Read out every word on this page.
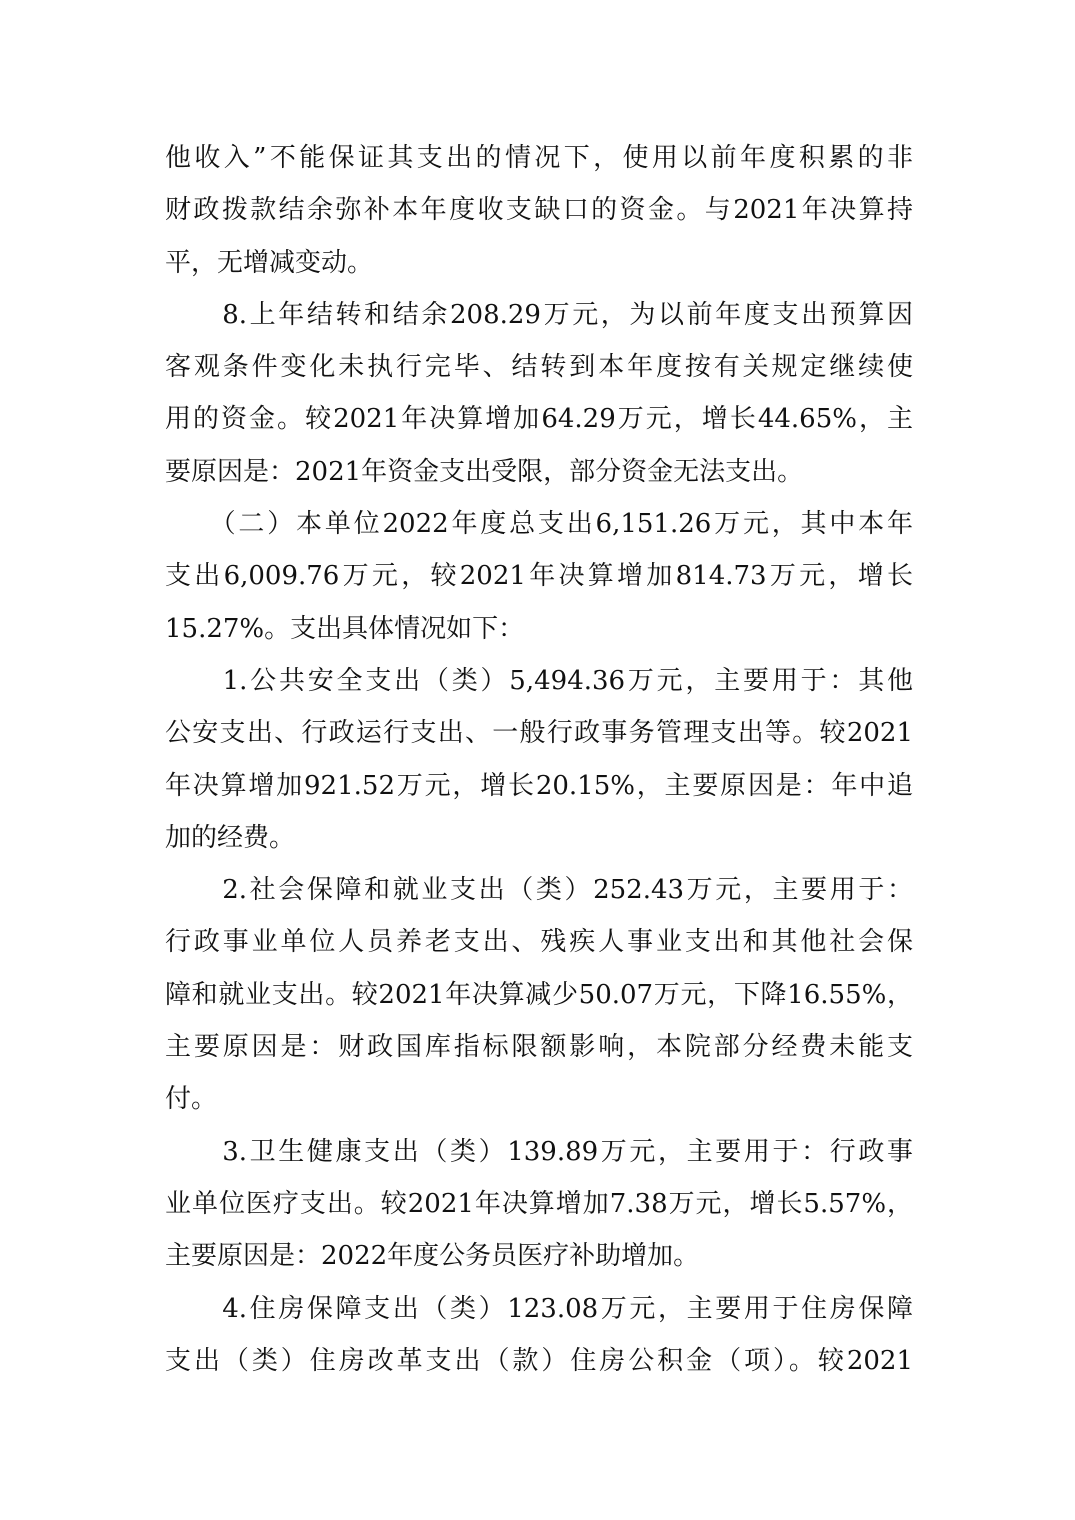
他收入”不能保证其支出的情况下，使用以前年度积累的非
财政拨款结余弥补本年度收支缺口的资金。与2021年决算持
平，无增减变动。
　　8.上年结转和结余208.29万元，为以前年度支出预算因
客观条件变化未执行完毕、结转到本年度按有关规定继续使
用的资金。较2021年决算增加64.29万元，增长44.65%，主
要原因是：2021年资金支出受限，部分资金无法支出。
　　（二）本单位2022年度总支出6,151.26万元，其中本年
支出6,009.76万元，较2021年决算增加814.73万元，增长
15.27%。支出具体情况如下：
　　1.公共安全支出（类）5,494.36万元，主要用于：其他
公安支出、行政运行支出、一般行政事务管理支出等。较2021
年决算增加921.52万元，增长20.15%，主要原因是：年中追
加的经费。
　　2.社会保障和就业支出（类）252.43万元，主要用于：
行政事业单位人员养老支出、残疾人事业支出和其他社会保
障和就业支出。较2021年决算减少50.07万元，下降16.55%，
主要原因是：财政国库指标限额影响，本院部分经费未能支
付。
　　3.卫生健康支出（类）139.89万元，主要用于：行政事
业单位医疗支出。较2021年决算增加7.38万元，增长5.57%，
主要原因是：2022年度公务员医疗补助增加。
　　4.住房保障支出（类）123.08万元，主要用于住房保障
支出（类）住房改革支出（款）住房公积金（项）。较2021
